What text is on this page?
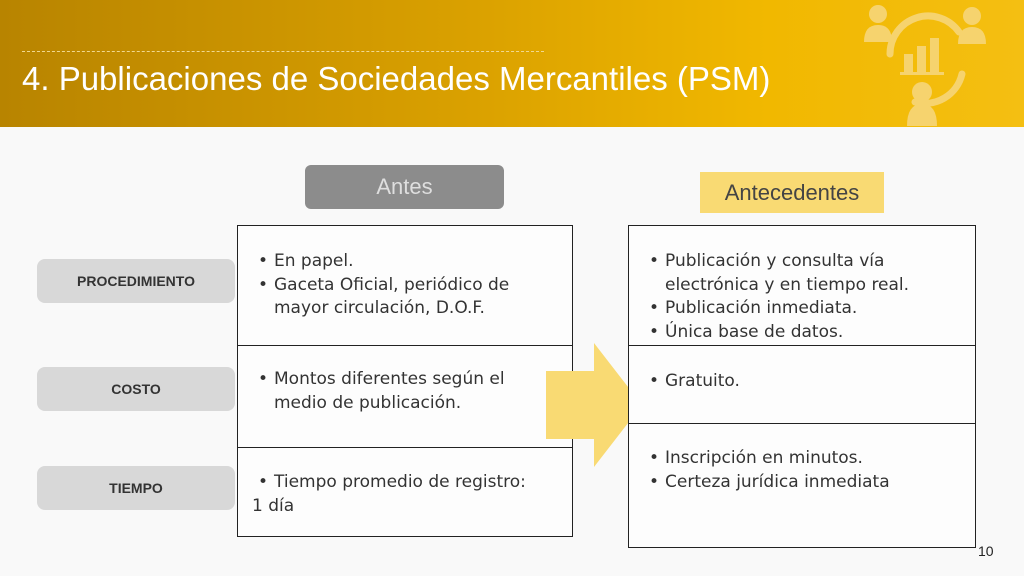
4. Publicaciones de Sociedades Mercantiles (PSM)
Antes	Antecedentes
PROCEDIMIENTO
COSTO
TIEMPO
• En papel.
• Gaceta Oficial, periódico de mayor circulación, D.O.F.
• Montos diferentes según el medio de publicación.
• Tiempo promedio de registro:
1 día
• Publicación y consulta vía electrónica y en tiempo real.
• Publicación inmediata.
• Única base de datos.
• Gratuito.
• Inscripción en minutos.
• Certeza jurídica inmediata
10
